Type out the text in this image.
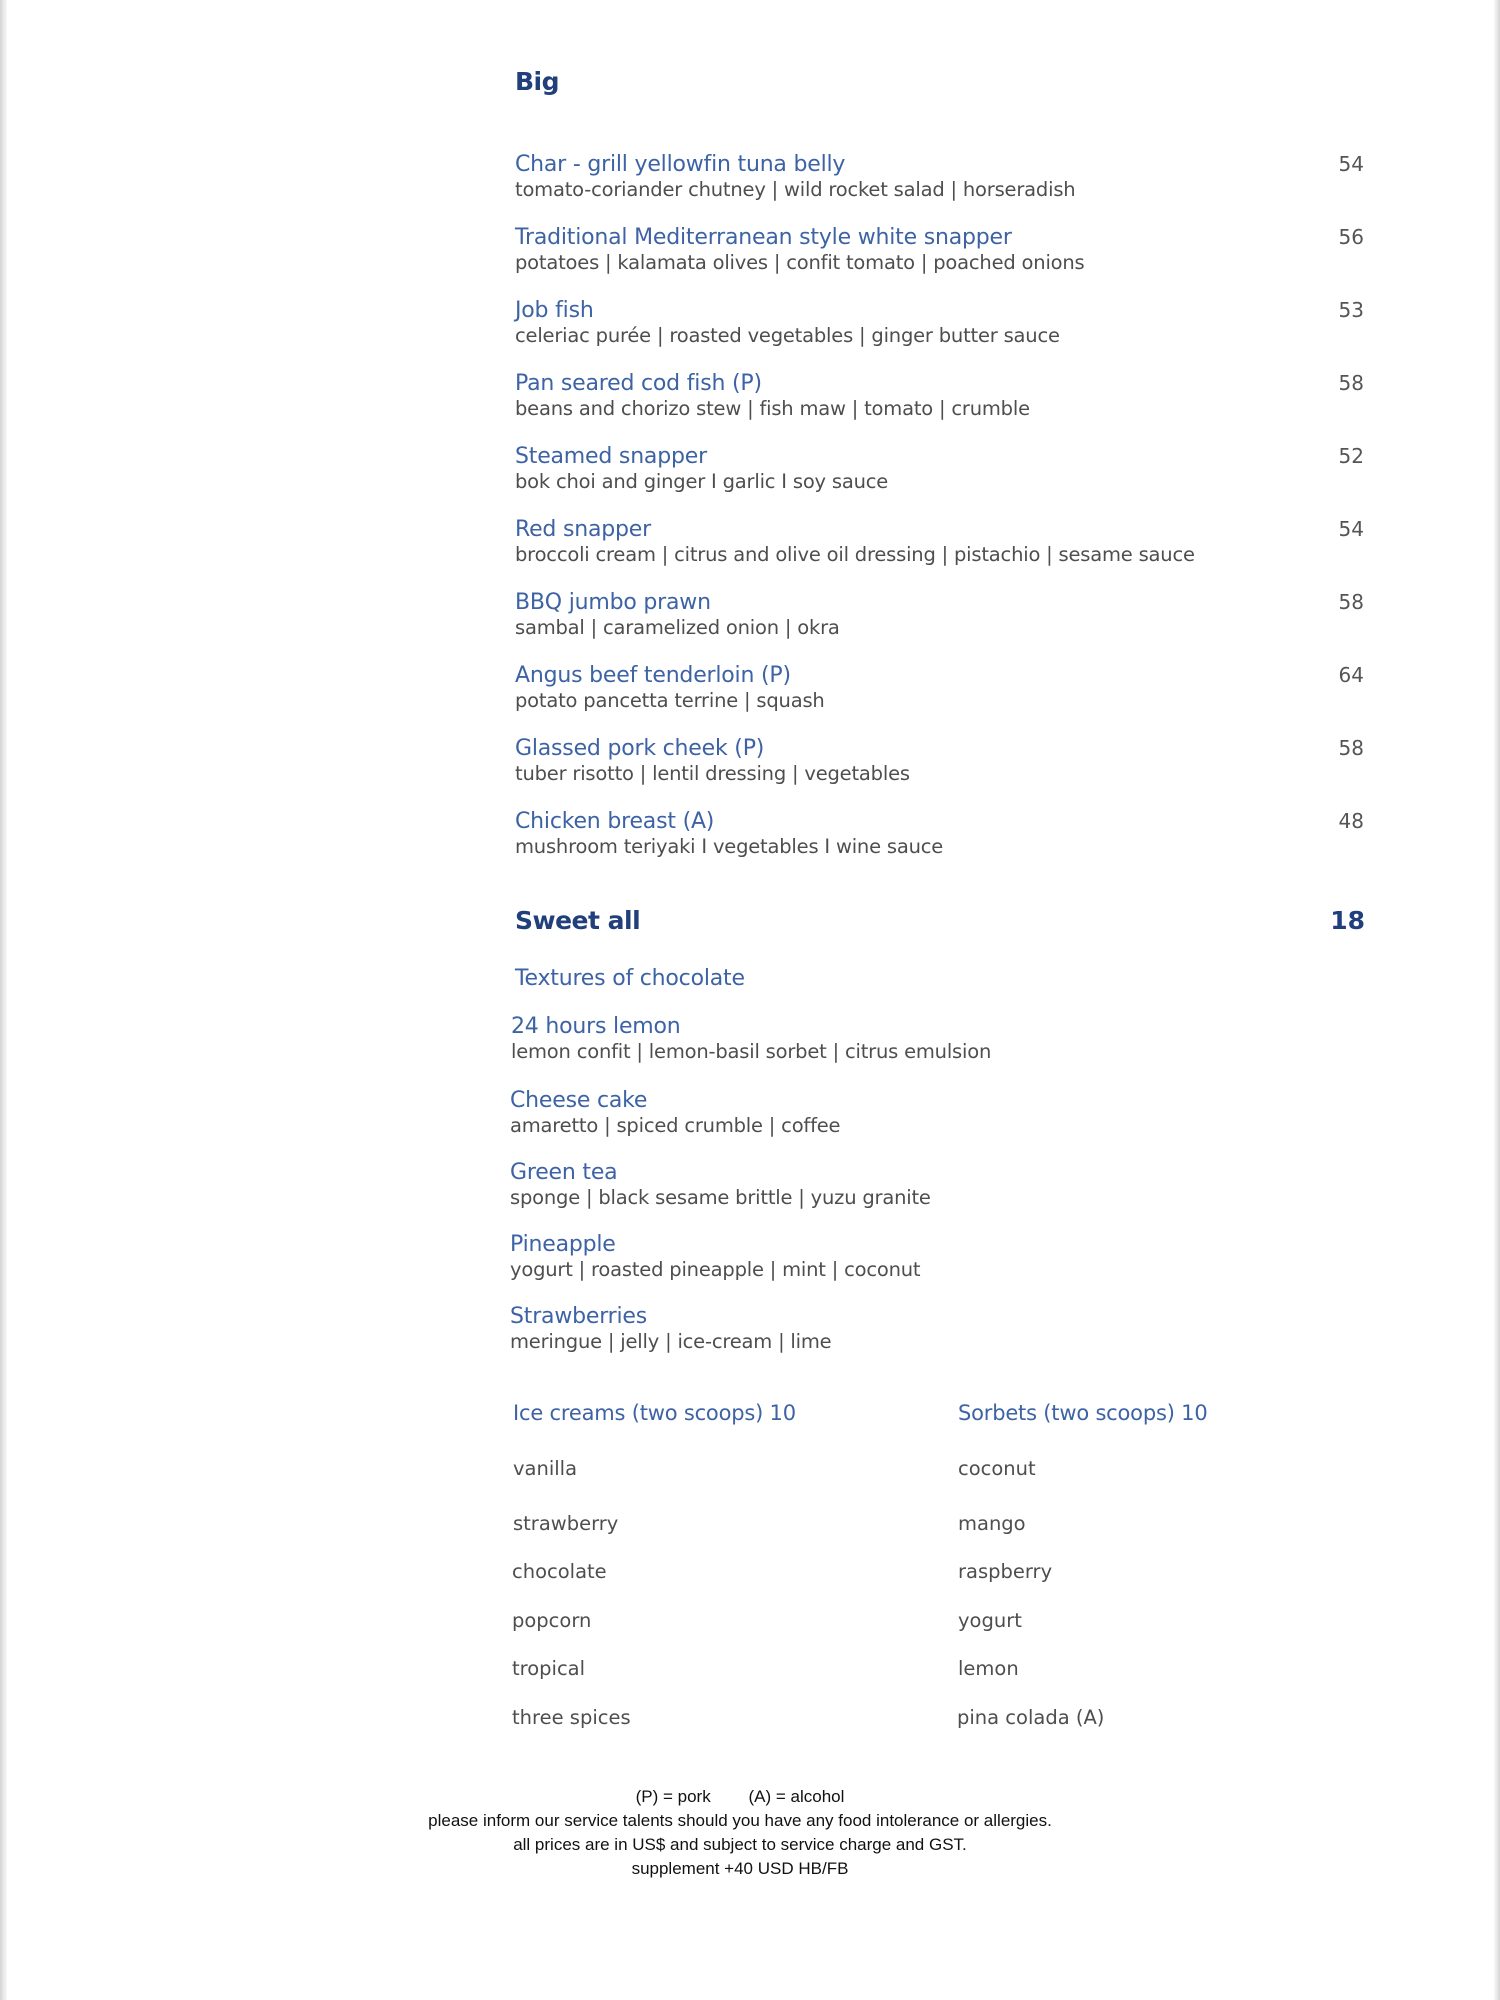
Big
Char - grill yellowfin tuna belly
tomato-coriander chutney | wild rocket salad | horseradish
54
Traditional Mediterranean style white snapper
potatoes | kalamata olives | confit tomato | poached onions
56
Job fish
celeriac purée | roasted vegetables | ginger butter sauce
53
Pan seared cod fish (P)
beans and chorizo stew | fish maw | tomato | crumble
58
Steamed snapper
bok choi and ginger I garlic I soy sauce
52
Red snapper
broccoli cream | citrus and olive oil dressing | pistachio | sesame sauce
54
BBQ jumbo prawn
sambal | caramelized onion | okra
58
Angus beef tenderloin (P)
potato pancetta terrine | squash
64
Glassed pork cheek (P)
tuber risotto | lentil dressing | vegetables
58
Chicken breast (A)
mushroom teriyaki I vegetables I wine sauce
48
Sweet all	18
Textures of chocolate
24 hours lemon
lemon confit | lemon-basil sorbet | citrus emulsion
Cheese cake
amaretto | spiced crumble | coffee
Green tea
sponge | black sesame brittle | yuzu granite
Pineapple
yogurt | roasted pineapple | mint | coconut
Strawberries
meringue | jelly | ice-cream | lime
Ice creams (two scoops) 10	Sorbets (two scoops) 10
vanilla
strawberry
chocolate
popcorn
tropical
three spices
coconut
mango
raspberry
yogurt
lemon
pina colada (A)
(P) = pork        (A) = alcohol
please inform our service talents should you have any food intolerance or allergies.
all prices are in US$ and subject to service charge and GST.
supplement +40 USD HB/FB
